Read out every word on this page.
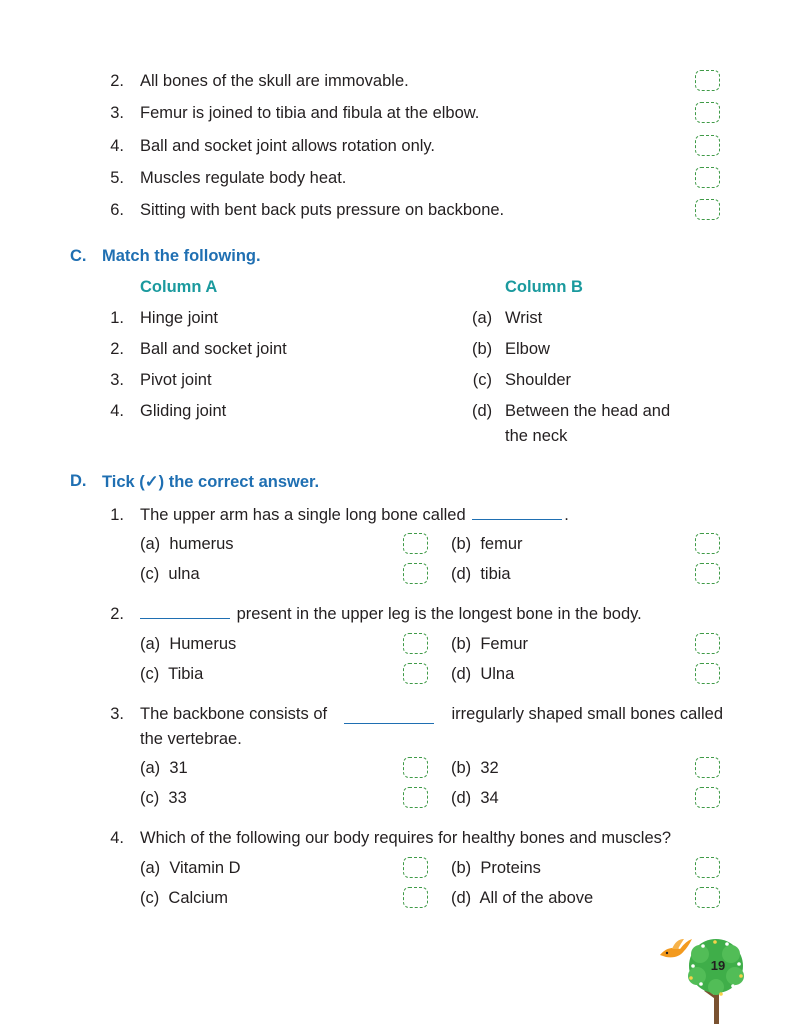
2. All bones of the skull are immovable.
3. Femur is joined to tibia and fibula at the elbow.
4. Ball and socket joint allows rotation only.
5. Muscles regulate body heat.
6. Sitting with bent back puts pressure on backbone.
C. Match the following.
Column A	Column B
1. Hinge joint	(a) Wrist
2. Ball and socket joint	(b) Elbow
3. Pivot joint	(c) Shoulder
4. Gliding joint	(d) Between the head and
the neck
D. Tick (✓) the correct answer.
1. The upper arm has a single long bone called	.
(a) humerus	(b) femur
(c) ulna	(d) tibia
2.	present in the upper leg is the longest bone in the body.
(a) Humerus	(b) Femur
(c) Tibia	(d) Ulna
3. The backbone consists of	irregularly shaped small bones called
the vertebrae.
(a) 31	(b) 32
(c) 33	(d) 34
4. Which of the following our body requires for healthy bones and muscles?
(a) Vitamin D	(b) Proteins
(c) Calcium	(d) All of the above
19
